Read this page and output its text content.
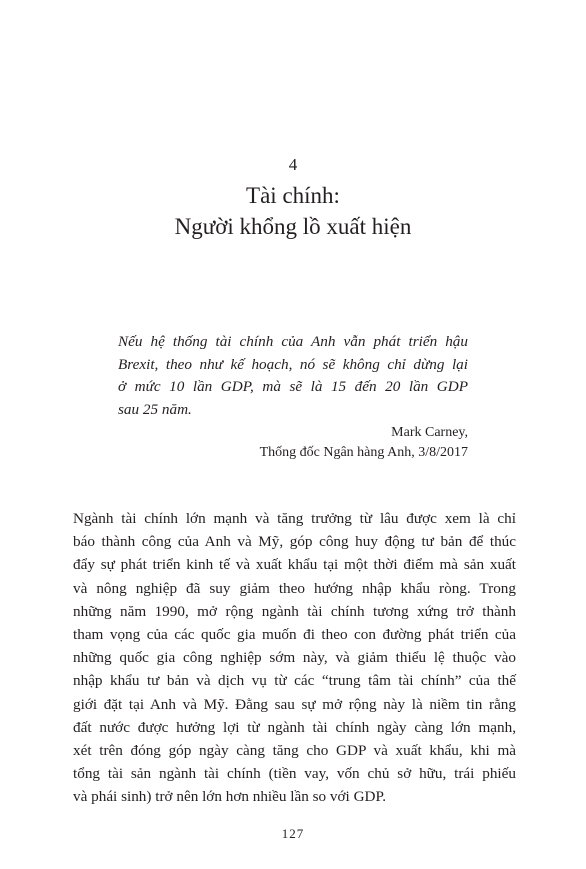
4
Tài chính:
Người khổng lồ xuất hiện
Nếu hệ thống tài chính của Anh vẫn phát triển hậu
Brexit, theo như kế hoạch, nó sẽ không chỉ dừng lại
ở mức 10 lần GDP, mà sẽ là 15 đến 20 lần GDP
sau 25 năm.
Mark Carney,
Thống đốc Ngân hàng Anh, 3/8/2017
Ngành tài chính lớn mạnh và tăng trưởng từ lâu được xem là chỉ
báo thành công của Anh và Mỹ, góp công huy động tư bản để thúc
đẩy sự phát triển kinh tế và xuất khẩu tại một thời điểm mà sản xuất
và nông nghiệp đã suy giảm theo hướng nhập khẩu ròng. Trong
những năm 1990, mở rộng ngành tài chính tương xứng trở thành
tham vọng của các quốc gia muốn đi theo con đường phát triển của
những quốc gia công nghiệp sớm này, và giảm thiểu lệ thuộc vào
nhập khẩu tư bản và dịch vụ từ các “trung tâm tài chính” của thế
giới đặt tại Anh và Mỹ. Đằng sau sự mở rộng này là niềm tin rằng
đất nước được hưởng lợi từ ngành tài chính ngày càng lớn mạnh,
xét trên đóng góp ngày càng tăng cho GDP và xuất khẩu, khi mà
tổng tài sản ngành tài chính (tiền vay, vốn chủ sở hữu, trái phiếu
và phái sinh) trở nên lớn hơn nhiều lần so với GDP.
127
